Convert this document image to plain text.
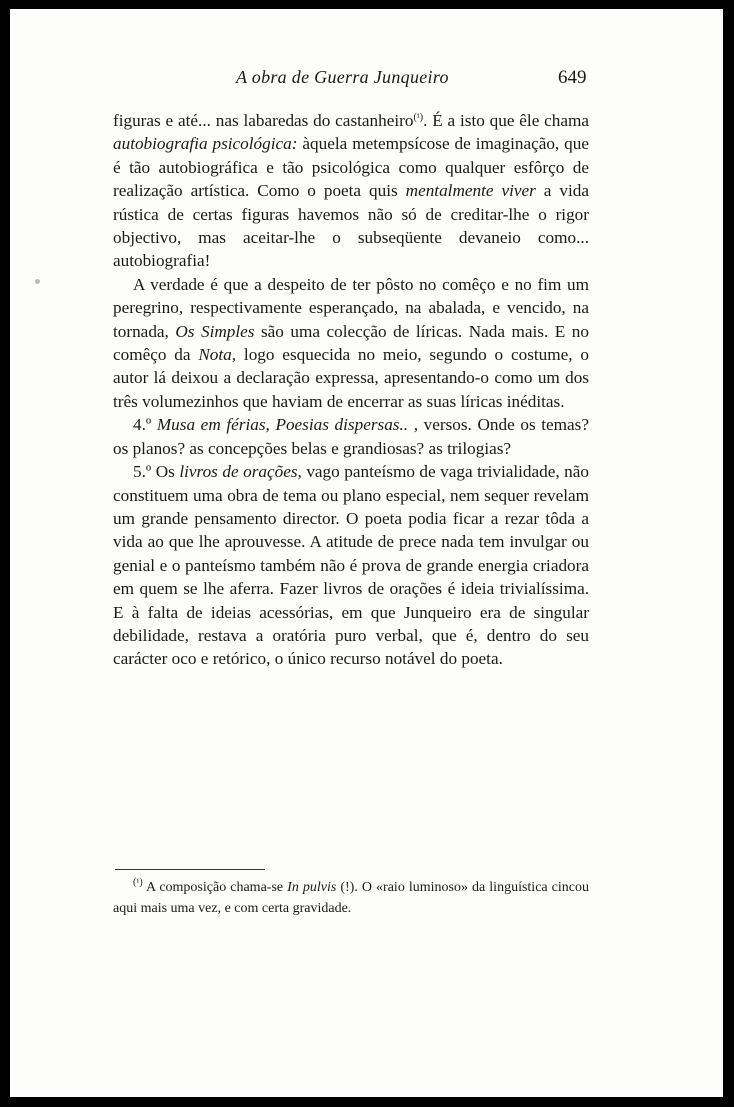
A obra de Guerra Junqueiro	649

figuras e até... nas labaredas do castanheiro$^{(^1)}$. É a isto que êle chama autobiografia psicológica: àquela metempsícose de imaginação, que é tão autobiográfica e tão psicológica como qualquer esfôrço de realização artística. Como o poeta quis mentalmente viver a vida rústica de certas figuras havemos não só de creditar-lhe o rigor objectivo, mas aceitar-lhe o subseqüente devaneio como... autobiografia!

A verdade é que a despeito de ter pôsto no comêço e no fim um peregrino, respectivamente esperançado, na abalada, e vencido, na tornada, Os Simples são uma colecção de líricas. Nada mais. E no comêço da Nota, logo esquecida no meio, segundo o costume, o autor lá deixou a declaração expressa, apresentando-o como um dos três volumezinhos que haviam de encerrar as suas líricas inéditas.

4.º Musa em férias, Poesias dispersas.. , versos. Onde os temas? os planos? as concepções belas e grandiosas? as trilogias?

5.º Os livros de orações, vago panteísmo de vaga trivialidade, não constituem uma obra de tema ou plano especial, nem sequer revelam um grande pensamento director. O poeta podia ficar a rezar tôda a vida ao que lhe aprouvesse. A atitude de prece nada tem invulgar ou genial e o panteísmo também não é prova de grande energia criadora em quem se lhe aferra. Fazer livros de orações é ideia trivialíssima. E à falta de ideias acessórias, em que Junqueiro era de singular debilidade, restava a oratória puro verbal, que é, dentro do seu carácter oco e retórico, o único recurso notável do poeta.

$^{(^1)}$ A composição chama-se In pulvis (!). O «raio luminoso» da linguística cincou aqui mais uma vez, e com certa gravidade.
